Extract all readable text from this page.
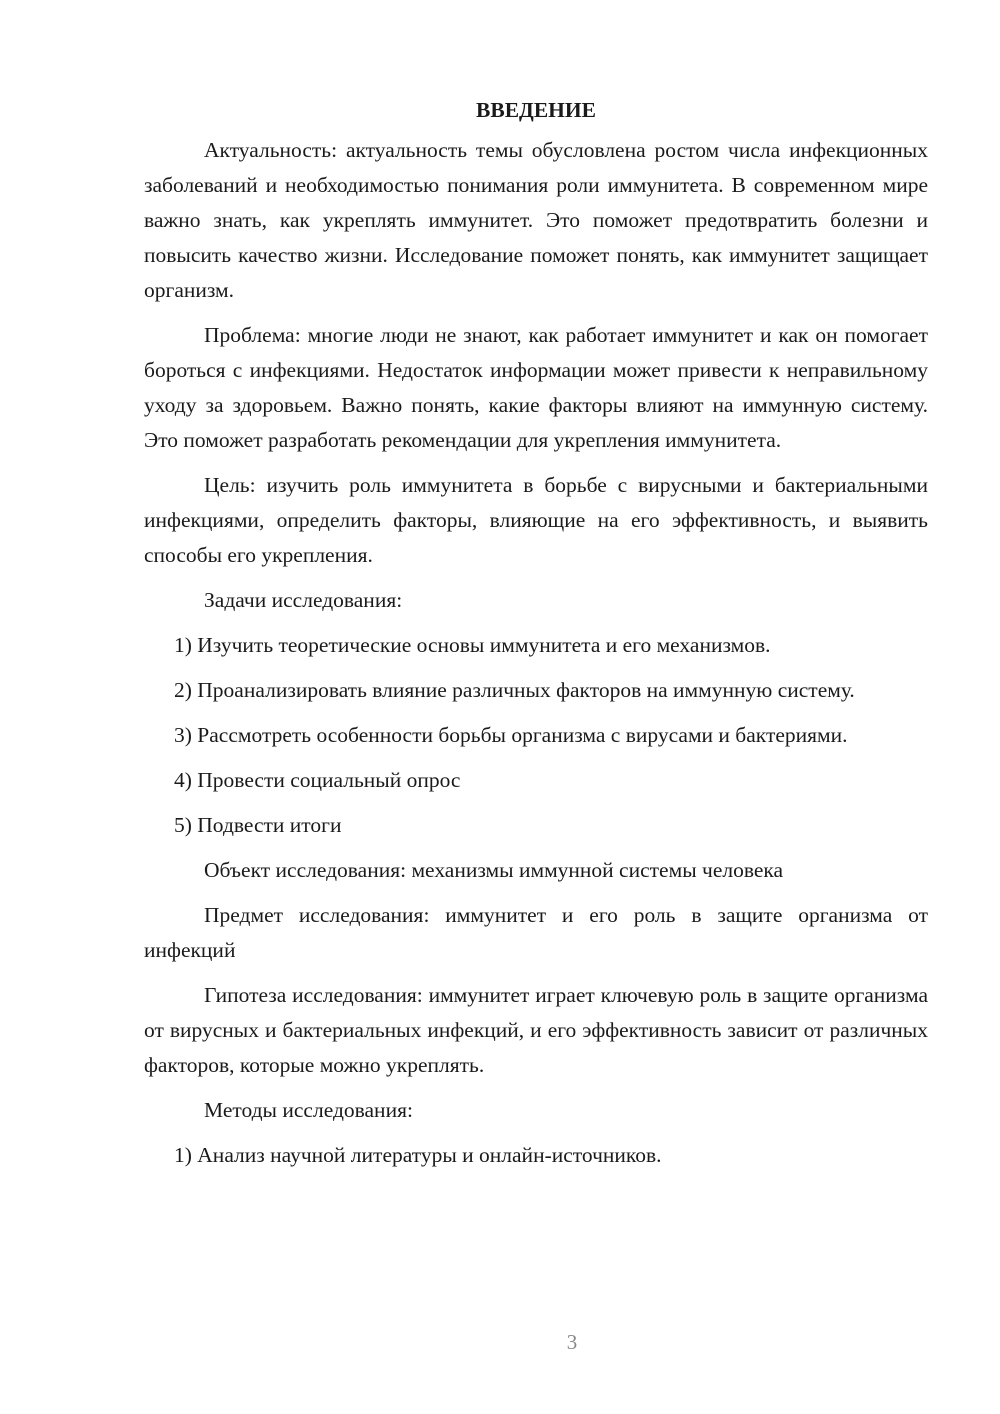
ВВЕДЕНИЕ

Актуальность: актуальность темы обусловлена ростом числа инфекционных заболеваний и необходимостью понимания роли иммунитета. В современном мире важно знать, как укреплять иммунитет. Это поможет предотвратить болезни и повысить качество жизни. Исследование поможет понять, как иммунитет защищает организм.

Проблема: многие люди не знают, как работает иммунитет и как он помогает бороться с инфекциями. Недостаток информации может привести к неправильному уходу за здоровьем. Важно понять, какие факторы влияют на иммунную систему. Это поможет разработать рекомендации для укрепления иммунитета.

Цель: изучить роль иммунитета в борьбе с вирусными и бактериальными инфекциями, определить факторы, влияющие на его эффективность, и выявить способы его укрепления.

Задачи исследования:

1) Изучить теоретические основы иммунитета и его механизмов.

2) Проанализировать влияние различных факторов на иммунную систему.

3) Рассмотреть особенности борьбы организма с вирусами и бактериями.

4) Провести социальный опрос

5) Подвести итоги

Объект исследования: механизмы иммунной системы человека

Предмет исследования: иммунитет и его роль в защите организма от инфекций

Гипотеза исследования: иммунитет играет ключевую роль в защите организма от вирусных и бактериальных инфекций, и его эффективность зависит от различных факторов, которые можно укреплять.

Методы исследования:

1) Анализ научной литературы и онлайн-источников.

3
